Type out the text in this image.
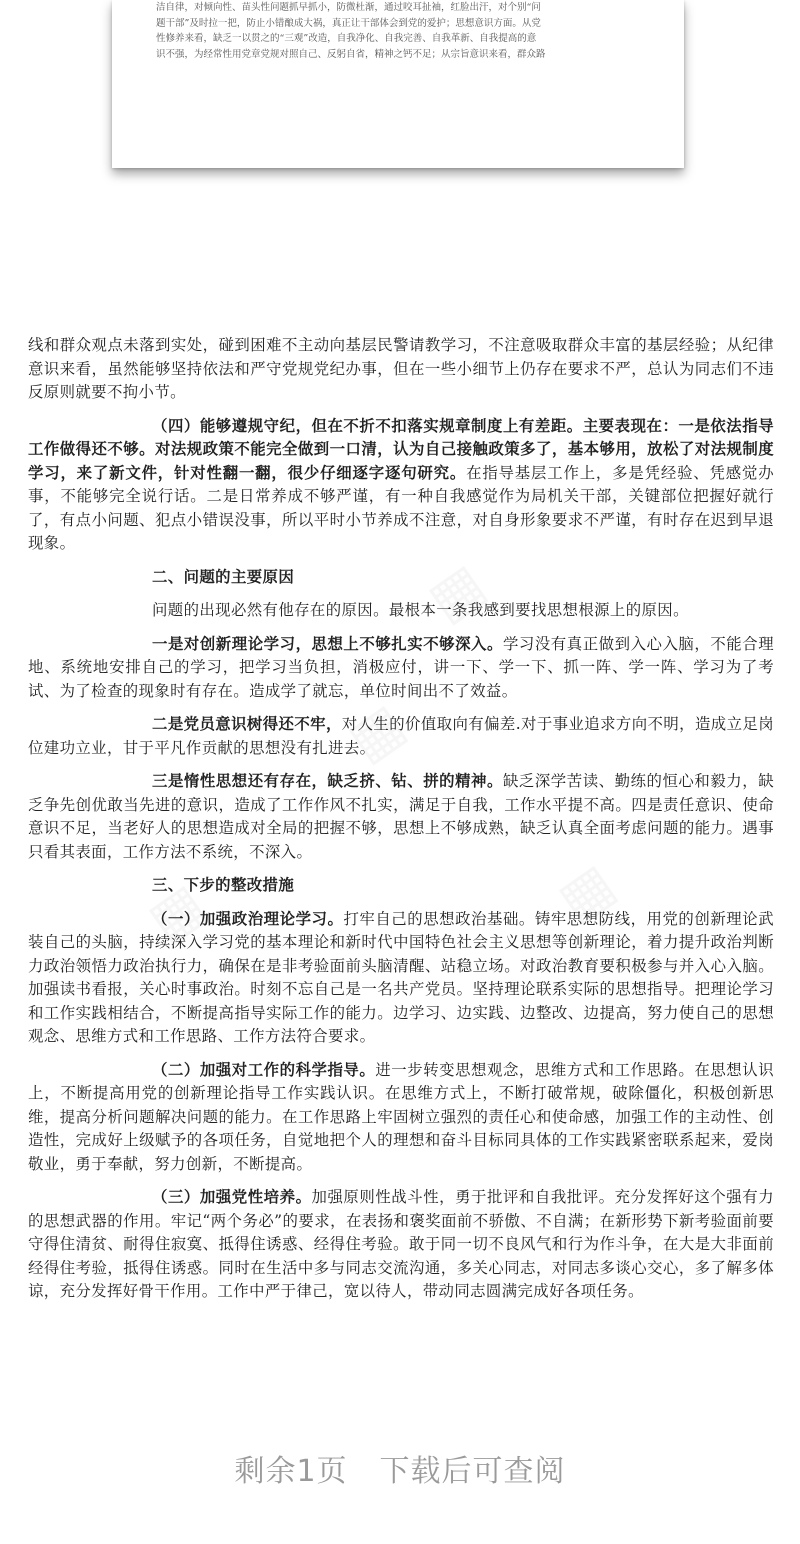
洁自律，对倾向性、苗头性问题抓早抓小，防微杜渐，通过咬耳扯袖，红脸出汗，对个别“问

题干部”及时拉一把，防止小错酿成大祸，真正让干部体会到党的爱护；思想意识方面。从党

性修养来看，缺乏一以贯之的“三观”改造，自我净化、自我完善、自我革新、自我提高的意

识不强，为经常性用党章党规对照自己、反躬自省，精神之钙不足；从宗旨意识来看，群众路

线和群众观点未落到实处，碰到困难不主动向基层民警请教学习，不注意吸取群众丰富的基层经验；从纪律意识来看，虽然能够坚持依法和严守党规党纪办事，但在一些小细节上仍存在要求不严，总认为同志们不违反原则就要不拘小节。

（四）能够遵规守纪，但在不折不扣落实规章制度上有差距。主要表现在：一是依法指导工作做得还不够。对法规政策不能完全做到一口清，认为自己接触政策多了，基本够用，放松了对法规制度学习，来了新文件，针对性翻一翻，很少仔细逐字逐句研究。在指导基层工作上，多是凭经验、凭感觉办事，不能够完全说行话。二是日常养成不够严谨，有一种自我感觉作为局机关干部，关键部位把握好就行了，有点小问题、犯点小错误没事，所以平时小节养成不注意，对自身形象要求不严谨，有时存在迟到早退现象。

二、问题的主要原因

问题的出现必然有他存在的原因。最根本一条我感到要找思想根源上的原因。

一是对创新理论学习，思想上不够扎实不够深入。学习没有真正做到入心入脑，不能合理地、系统地安排自己的学习，把学习当负担，消极应付，讲一下、学一下、抓一阵、学一阵、学习为了考试、为了检查的现象时有存在。造成学了就忘，单位时间出不了效益。

二是党员意识树得还不牢，对人生的价值取向有偏差.对于事业追求方向不明，造成立足岗位建功立业，甘于平凡作贡献的思想没有扎进去。

三是惰性思想还有存在，缺乏挤、钻、拼的精神。缺乏深学苦读、勤练的恒心和毅力，缺乏争先创优敢当先进的意识，造成了工作作风不扎实，满足于自我，工作水平提不高。四是责任意识、使命意识不足，当老好人的思想造成对全局的把握不够，思想上不够成熟，缺乏认真全面考虑问题的能力。遇事只看其表面，工作方法不系统，不深入。

三、下步的整改措施

（一）加强政治理论学习。打牢自己的思想政治基础。铸牢思想防线，用党的创新理论武装自己的头脑，持续深入学习党的基本理论和新时代中国特色社会主义思想等创新理论，着力提升政治判断力政治领悟力政治执行力，确保在是非考验面前头脑清醒、站稳立场。对政治教育要积极参与并入心入脑。加强读书看报，关心时事政治。时刻不忘自己是一名共产党员。坚持理论联系实际的思想指导。把理论学习和工作实践相结合，不断提高指导实际工作的能力。边学习、边实践、边整改、边提高，努力使自己的思想观念、思维方式和工作思路、工作方法符合要求。

（二）加强对工作的科学指导。进一步转变思想观念，思维方式和工作思路。在思想认识上，不断提高用党的创新理论指导工作实践认识。在思维方式上，不断打破常规，破除僵化，积极创新思维，提高分析问题解决问题的能力。在工作思路上牢固树立强烈的责任心和使命感，加强工作的主动性、创造性，完成好上级赋予的各项任务，自觉地把个人的理想和奋斗目标同具体的工作实践紧密联系起来，爱岗敬业，勇于奉献，努力创新，不断提高。

（三）加强党性培养。加强原则性战斗性，勇于批评和自我批评。充分发挥好这个强有力的思想武器的作用。牢记“两个务必”的要求，在表扬和褒奖面前不骄傲、不自满；在新形势下新考验面前要守得住清贫、耐得住寂寞、抵得住诱惑、经得住考验。敢于同一切不良风气和行为作斗争，在大是大非面前经得住考验，抵得住诱惑。同时在生活中多与同志交流沟通，多关心同志，对同志多谈心交心，多了解多体谅，充分发挥好骨干作用。工作中严于律己，宽以待人，带动同志圆满完成好各项任务。

剩余1页 下载后可查阅
